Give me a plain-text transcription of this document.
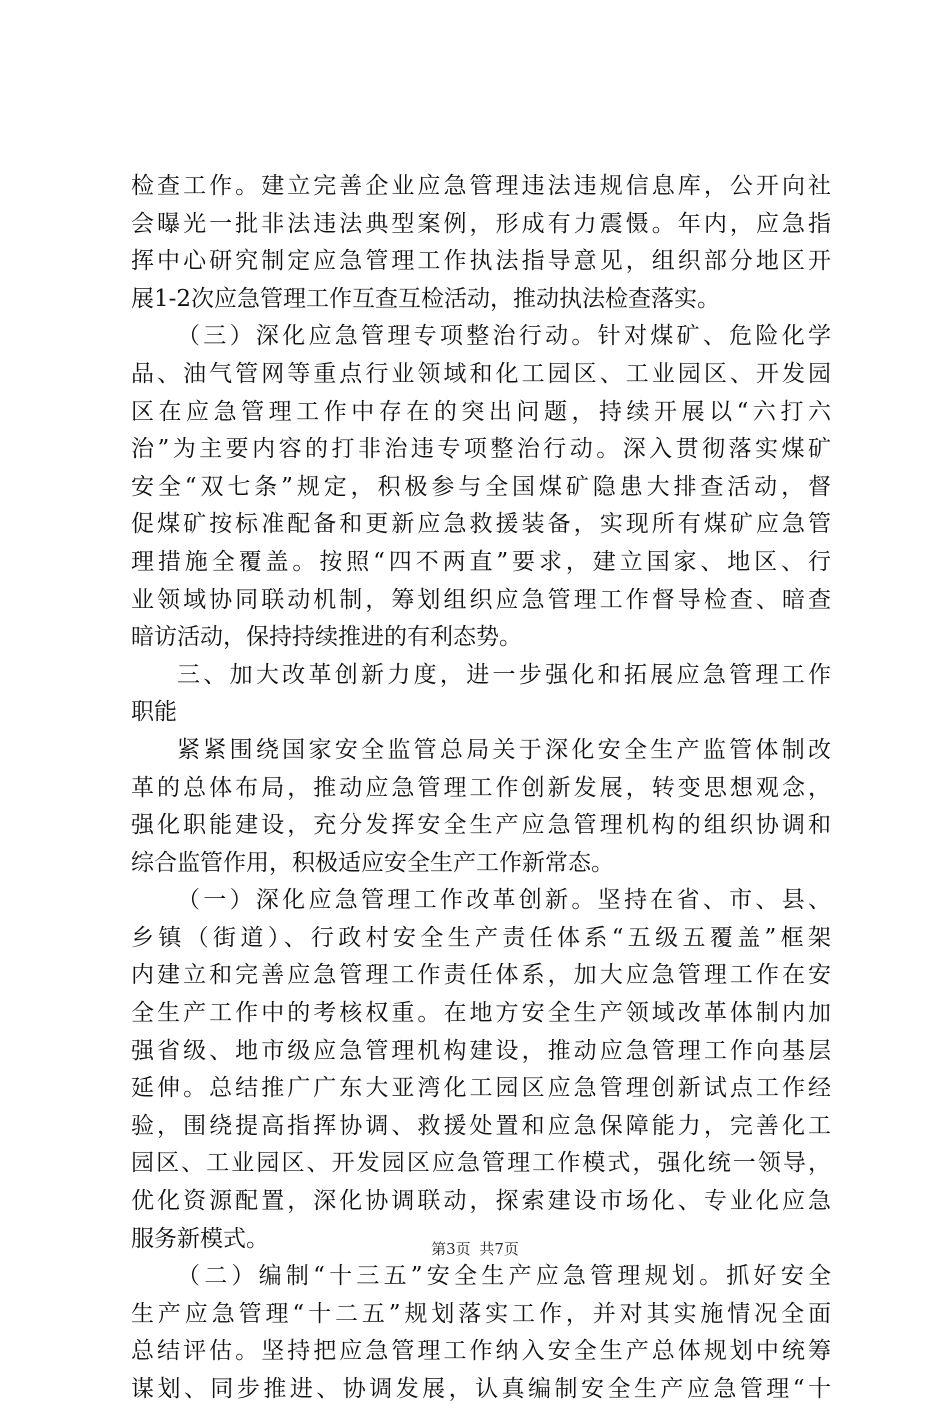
检查工作。建立完善企业应急管理违法违规信息库，公开向社
会曝光一批非法违法典型案例，形成有力震慑。年内，应急指
挥中心研究制定应急管理工作执法指导意见，组织部分地区开
展1-2次应急管理工作互查互检活动，推动执法检查落实。
（三）深化应急管理专项整治行动。针对煤矿、危险化学
品、油气管网等重点行业领域和化工园区、工业园区、开发园
区在应急管理工作中存在的突出问题，持续开展以“六打六
治”为主要内容的打非治违专项整治行动。深入贯彻落实煤矿
安全“双七条”规定，积极参与全国煤矿隐患大排查活动，督
促煤矿按标准配备和更新应急救援装备，实现所有煤矿应急管
理措施全覆盖。按照“四不两直”要求，建立国家、地区、行
业领域协同联动机制，筹划组织应急管理工作督导检查、暗查
暗访活动，保持持续推进的有利态势。
三、加大改革创新力度，进一步强化和拓展应急管理工作
职能
紧紧围绕国家安全监管总局关于深化安全生产监管体制改
革的总体布局，推动应急管理工作创新发展，转变思想观念，
强化职能建设，充分发挥安全生产应急管理机构的组织协调和
综合监管作用，积极适应安全生产工作新常态。
（一）深化应急管理工作改革创新。坚持在省、市、县、
乡镇（街道）、行政村安全生产责任体系“五级五覆盖”框架
内建立和完善应急管理工作责任体系，加大应急管理工作在安
全生产工作中的考核权重。在地方安全生产领域改革体制内加
强省级、地市级应急管理机构建设，推动应急管理工作向基层
延伸。总结推广广东大亚湾化工园区应急管理创新试点工作经
验，围绕提高指挥协调、救援处置和应急保障能力，完善化工
园区、工业园区、开发园区应急管理工作模式，强化统一领导，
优化资源配置，深化协调联动，探索建设市场化、专业化应急
服务新模式。
（二）编制“十三五”安全生产应急管理规划。抓好安全
生产应急管理“十二五”规划落实工作，并对其实施情况全面
总结评估。坚持把应急管理工作纳入安全生产总体规划中统筹
谋划、同步推进、协调发展，认真编制安全生产应急管理“十
第3页 共7页
